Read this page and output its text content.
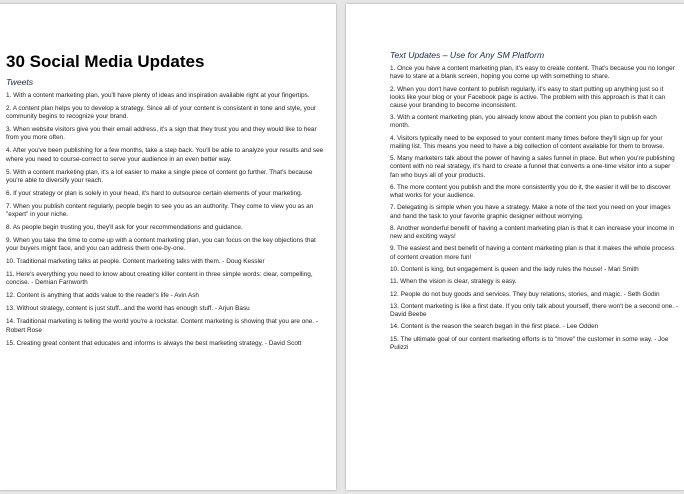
30 Social Media Updates
Tweets

1. With a content marketing plan, you'll have plenty of ideas and inspiration available right at your fingertips.

2. A content plan helps you to develop a strategy. Since all of your content is consistent in tone and style, your community begins to recognize your brand.

3. When website visitors give you their email address, it's a sign that they trust you and they would like to hear from you more often.

4. After you've been publishing for a few months, take a step back. You'll be able to analyze your results and see where you need to course-correct to serve your audience in an even better way.

5. With a content marketing plan, it's a lot easier to make a single piece of content go further. That's because you're able to diversify your reach.

6. If your strategy or plan is solely in your head, it's hard to outsource certain elements of your marketing.

7. When you publish content regularly, people begin to see you as an authority. They come to view you as an "expert" in your niche.

8. As people begin trusting you, they'll ask for your recommendations and guidance.

9. When you take the time to come up with a content marketing plan, you can focus on the key objections that your buyers might face, and you can address them one-by-one.

10. Traditional marketing talks at people. Content marketing talks with them. - Doug Kessler

11. Here's everything you need to know about creating killer content in three simple words: clear, compelling, concise. - Demian Farnworth

12. Content is anything that adds value to the reader's life - Avin Ash

13. Without strategy, content is just stuff...and the world has enough stuff. - Arjun Basu

14. Traditional marketing is telling the world you're a rockstar. Content marketing is showing that you are one. - Robert Rose

15. Creating great content that educates and informs is always the best marketing strategy. - David Scott

Text Updates – Use for Any SM Platform

1. Once you have a content marketing plan, it's easy to create content. That's because you no longer have to stare at a blank screen, hoping you come up with something to share.

2. When you don't have content to publish regularly, it's easy to start putting up anything just so it looks like your blog or your Facebook page is active. The problem with this approach is that it can cause your branding to become inconsistent.

3. With a content marketing plan, you already know about the content you plan to publish each month.

4. Visitors typically need to be exposed to your content many times before they'll sign up for your mailing list. This means you need to have a big collection of content available for them to browse.

5. Many marketers talk about the power of having a sales funnel in place. But when you're publishing content with no real strategy, it's hard to create a funnel that converts a one-time visitor into a super fan who buys all of your products.

6. The more content you publish and the more consistently you do it, the easier it will be to discover what works for your audience.

7. Delegating is simple when you have a strategy. Make a note of the text you need on your images and hand the task to your favorite graphic designer without worrying.

8. Another wonderful benefit of having a content marketing plan is that it can increase your income in new and exciting ways!

9. The easiest and best benefit of having a content marketing plan is that it makes the whole process of content creation more fun!

10. Content is king, but engagement is queen and the lady rules the house! - Mari Smith

11. When the vision is clear, strategy is easy.

12. People do not buy goods and services. They buy relations, stories, and magic. - Seth Godin

13. Content marketing is like a first date. If you only talk about yourself, there won't be a second one. - David Beebe

14. Content is the reason the search began in the first place. - Lee Odden

15. The ultimate goal of our content marketing efforts is to "move" the customer in some way. - Joe Pulizzi
